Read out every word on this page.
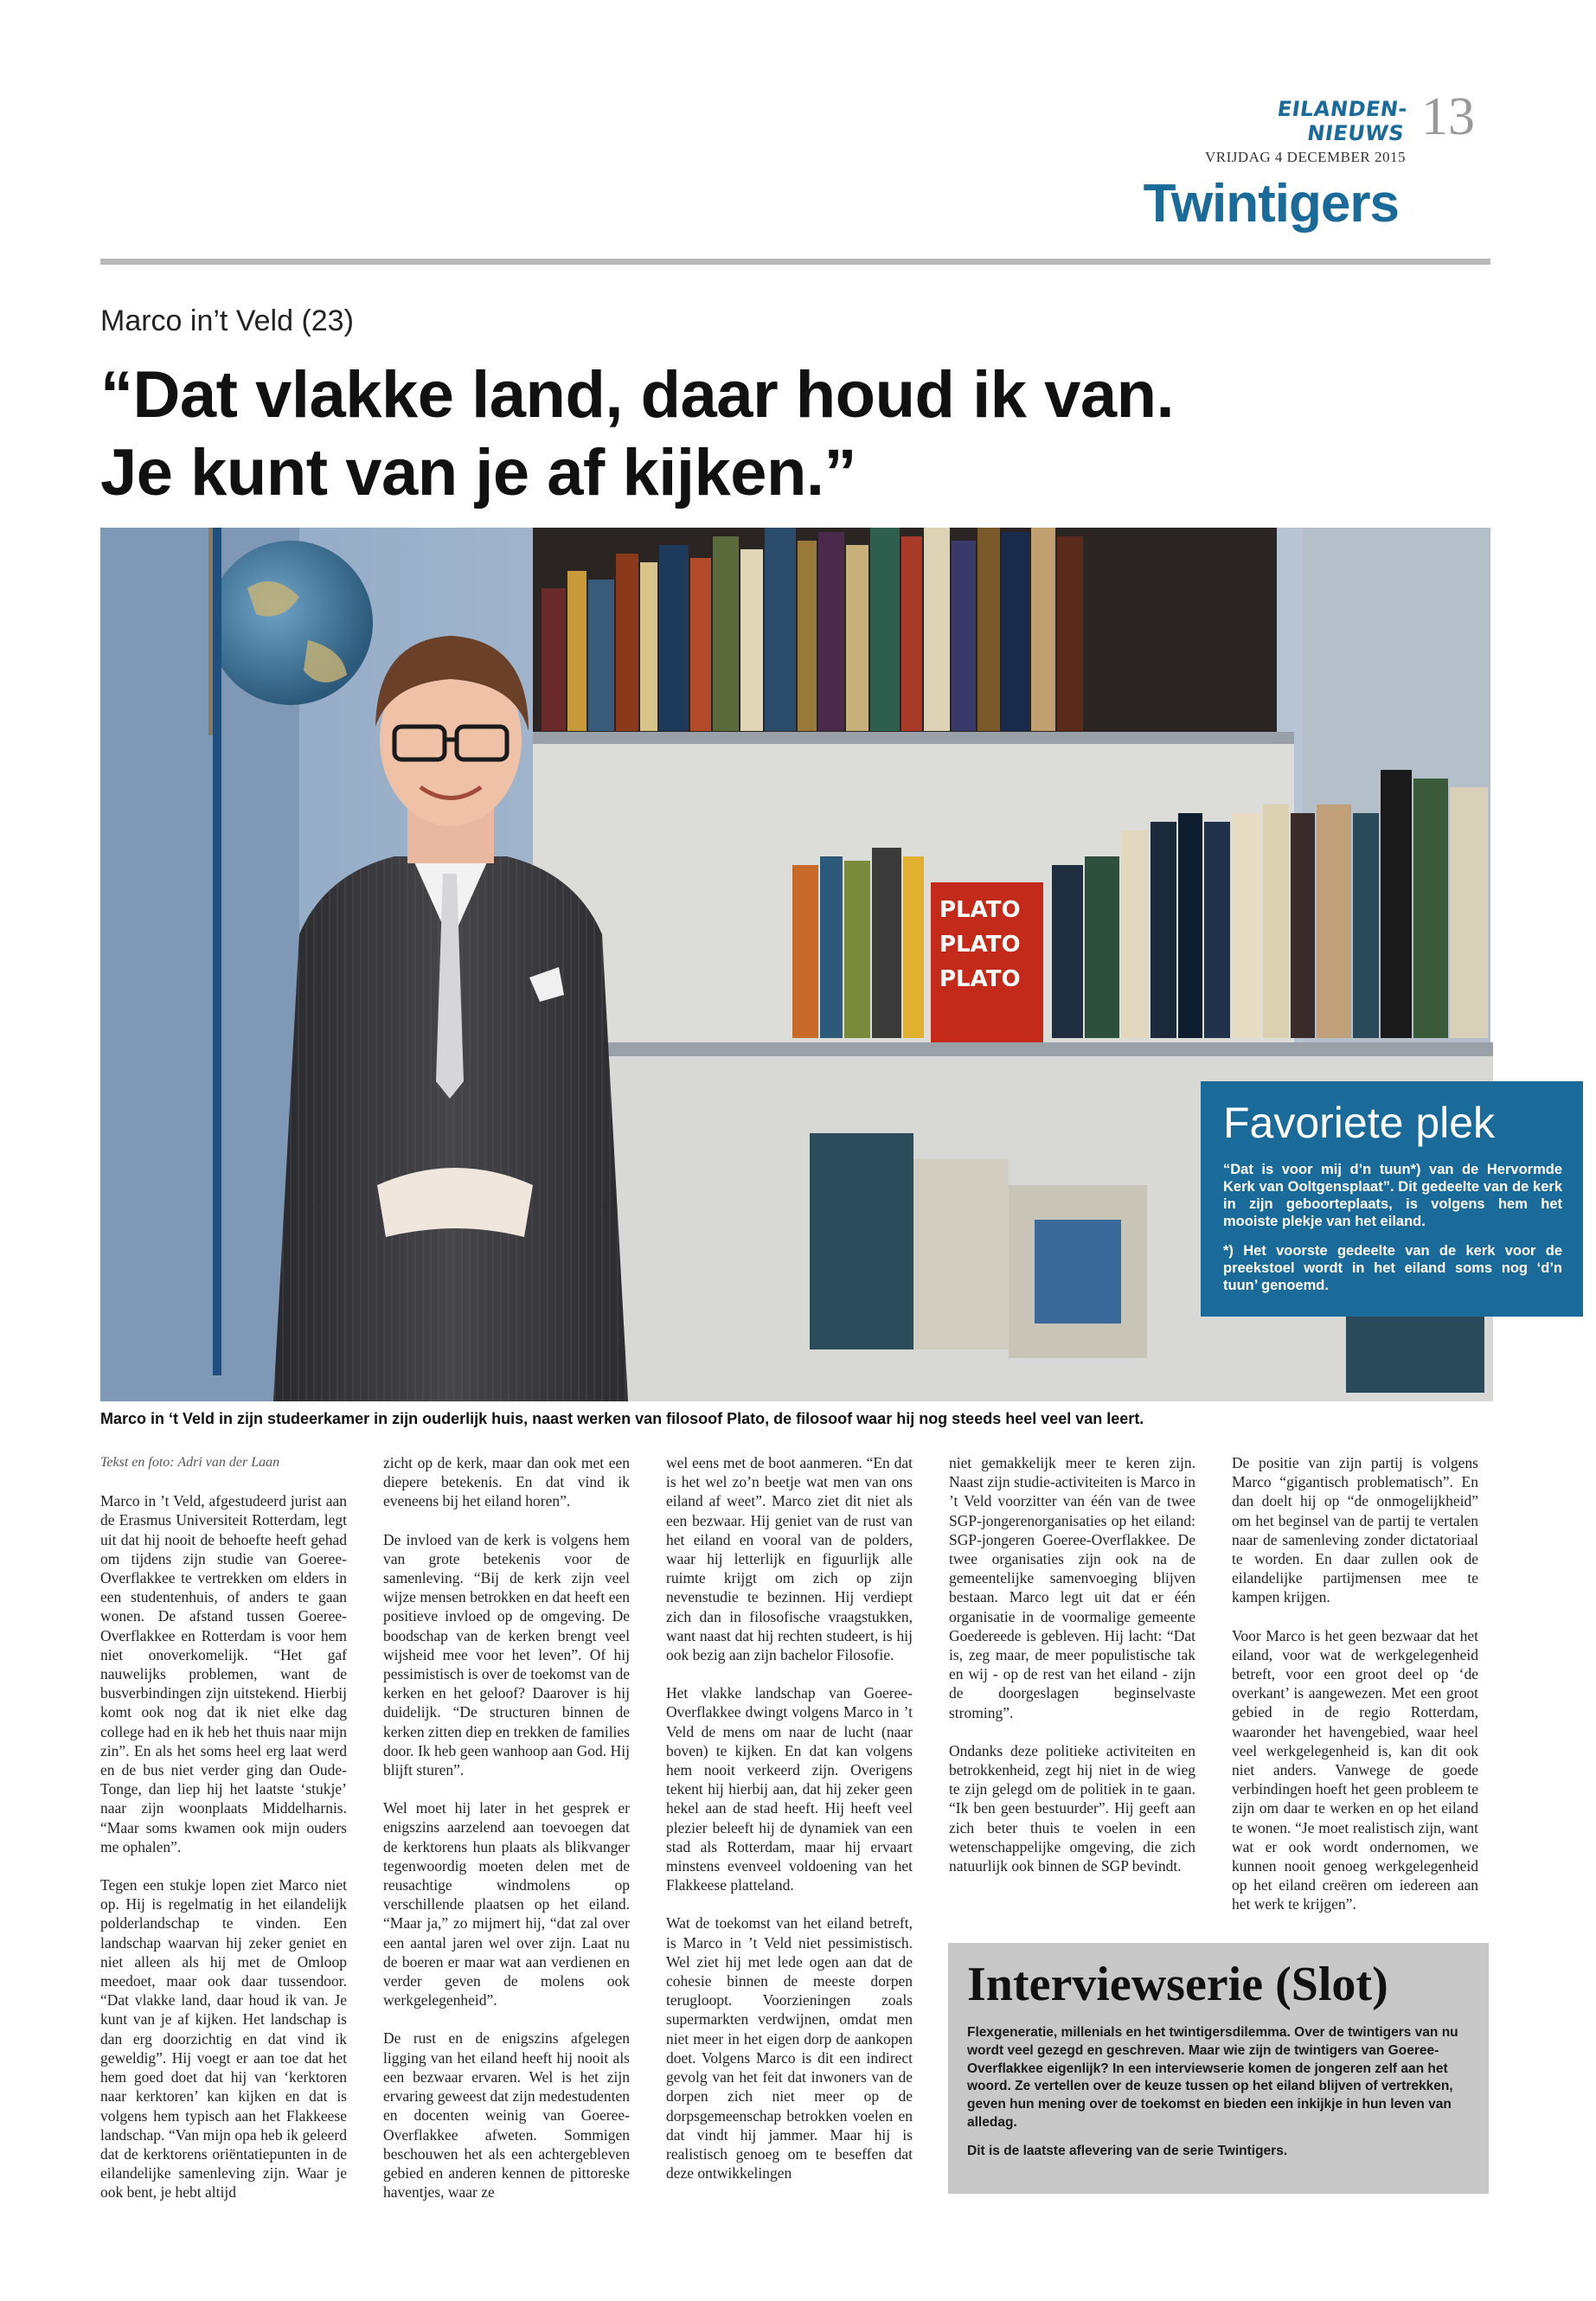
EILANDEN-NIEUWS
VRIJDAG 4 DECEMBER 2015
13
Twintigers
Marco in’t Veld (23)
“Dat vlakke land, daar houd ik van.
Je kunt van je af kijken.”
PLATO
PLATO
PLATO
Favoriete plek

“Dat is voor mij d’n tuun*) van de Hervormde Kerk van Ooltgensplaat”. Dit gedeelte van de kerk in zijn geboorteplaats, is volgens hem het mooiste plekje van het eiland.

*) Het voorste gedeelte van de kerk voor de preekstoel wordt in het eiland soms nog ‘d’n tuun’ genoemd.

Marco in ‘t Veld in zijn studeerkamer in zijn ouderlijk huis, naast werken van filosoof Plato, de filosoof waar hij nog steeds heel veel van leert.

Tekst en foto: Adri van der Laan

Marco in ’t Veld, afgestudeerd jurist aan de Erasmus Universiteit Rotterdam, legt uit dat hij nooit de behoefte heeft gehad om tijdens zijn studie van Goeree-Overflakkee te vertrekken om elders in een studentenhuis, of anders te gaan wonen. De afstand tussen Goeree-Overflakkee en Rotterdam is voor hem niet onoverkomelijk. “Het gaf nauwelijks problemen, want de busverbindingen zijn uitstekend. Hierbij komt ook nog dat ik niet elke dag college had en ik heb het thuis naar mijn zin”. En als het soms heel erg laat werd en de bus niet verder ging dan Oude-Tonge, dan liep hij het laatste ‘stukje’ naar zijn woonplaats Middelharnis. “Maar soms kwamen ook mijn ouders me ophalen”.

Tegen een stukje lopen ziet Marco niet op. Hij is regelmatig in het eilandelijk polderlandschap te vinden. Een landschap waarvan hij zeker geniet en niet alleen als hij met de Omloop meedoet, maar ook daar tussendoor. “Dat vlakke land, daar houd ik van. Je kunt van je af kijken. Het landschap is dan erg doorzichtig en dat vind ik geweldig”. Hij voegt er aan toe dat het hem goed doet dat hij van ‘kerktoren naar kerktoren’ kan kijken en dat is volgens hem typisch aan het Flakkeese landschap. “Van mijn opa heb ik geleerd dat de kerktorens oriëntatiepunten in de eilandelijke samenleving zijn. Waar je ook bent, je hebt altijd

zicht op de kerk, maar dan ook met een diepere betekenis. En dat vind ik eveneens bij het eiland horen”.

De invloed van de kerk is volgens hem van grote betekenis voor de samenleving. “Bij de kerk zijn veel wijze mensen betrokken en dat heeft een positieve invloed op de omgeving. De boodschap van de kerken brengt veel wijsheid mee voor het leven”. Of hij pessimistisch is over de toekomst van de kerken en het geloof? Daarover is hij duidelijk. “De structuren binnen de kerken zitten diep en trekken de families door. Ik heb geen wanhoop aan God. Hij blijft sturen”.

Wel moet hij later in het gesprek er enigszins aarzelend aan toevoegen dat de kerktorens hun plaats als blikvanger tegenwoordig moeten delen met de reusachtige windmolens op verschillende plaatsen op het eiland. “Maar ja,” zo mijmert hij, “dat zal over een aantal jaren wel over zijn. Laat nu de boeren er maar wat aan verdienen en verder geven de molens ook werkgelegenheid”.

De rust en de enigszins afgelegen ligging van het eiland heeft hij nooit als een bezwaar ervaren. Wel is het zijn ervaring geweest dat zijn medestudenten en docenten weinig van Goeree-Overflakkee afweten. Sommigen beschouwen het als een achtergebleven gebied en anderen kennen de pittoreske haventjes, waar ze

wel eens met de boot aanmeren. “En dat is het wel zo’n beetje wat men van ons eiland af weet”. Marco ziet dit niet als een bezwaar. Hij geniet van de rust van het eiland en vooral van de polders, waar hij letterlijk en figuurlijk alle ruimte krijgt om zich op zijn nevenstudie te bezinnen. Hij verdiept zich dan in filosofische vraagstukken, want naast dat hij rechten studeert, is hij ook bezig aan zijn bachelor Filosofie.

Het vlakke landschap van Goeree-Overflakkee dwingt volgens Marco in ’t Veld de mens om naar de lucht (naar boven) te kijken. En dat kan volgens hem nooit verkeerd zijn. Overigens tekent hij hierbij aan, dat hij zeker geen hekel aan de stad heeft. Hij heeft veel plezier beleeft hij de dynamiek van een stad als Rotterdam, maar hij ervaart minstens evenveel voldoening van het Flakkeese platteland.

Wat de toekomst van het eiland betreft, is Marco in ’t Veld niet pessimistisch. Wel ziet hij met lede ogen aan dat de cohesie binnen de meeste dorpen terugloopt. Voorzieningen zoals supermarkten verdwijnen, omdat men niet meer in het eigen dorp de aankopen doet. Volgens Marco is dit een indirect gevolg van het feit dat inwoners van de dorpen zich niet meer op de dorpsgemeenschap betrokken voelen en dat vindt hij jammer. Maar hij is realistisch genoeg om te beseffen dat deze ontwikkelingen

niet gemakkelijk meer te keren zijn. Naast zijn studie-activiteiten is Marco in ’t Veld voorzitter van één van de twee SGP-jongerenorganisaties op het eiland: SGP-jongeren Goeree-Overflakkee. De twee organisaties zijn ook na de gemeentelijke samenvoeging blijven bestaan. Marco legt uit dat er één organisatie in de voormalige gemeente Goedereede is gebleven. Hij lacht: “Dat is, zeg maar, de meer populistische tak en wij - op de rest van het eiland - zijn de doorgeslagen beginselvaste stroming”.

Ondanks deze politieke activiteiten en betrokkenheid, zegt hij niet in de wieg te zijn gelegd om de politiek in te gaan. “Ik ben geen bestuurder”. Hij geeft aan zich beter thuis te voelen in een wetenschappelijke omgeving, die zich natuurlijk ook binnen de SGP bevindt.

De positie van zijn partij is volgens Marco “gigantisch problematisch”. En dan doelt hij op “de onmogelijkheid” om het beginsel van de partij te vertalen naar de samenleving zonder dictatoriaal te worden. En daar zullen ook de eilandelijke partijmensen mee te kampen krijgen.

Voor Marco is het geen bezwaar dat het eiland, voor wat de werkgelegenheid betreft, voor een groot deel op ‘de overkant’ is aangewezen. Met een groot gebied in de regio Rotterdam, waaronder het havengebied, waar heel veel werkgelegenheid is, kan dit ook niet anders. Vanwege de goede verbindingen hoeft het geen probleem te zijn om daar te werken en op het eiland te wonen. “Je moet realistisch zijn, want wat er ook wordt ondernomen, we kunnen nooit genoeg werkgelegenheid op het eiland creëren om iedereen aan het werk te krijgen”.

Interviewserie (Slot)

Flexgeneratie, millenials en het twintigersdilemma. Over de twintigers van nu wordt veel gezegd en geschreven. Maar wie zijn de twintigers van Goeree-Overflakkee eigenlijk? In een interviewserie komen de jongeren zelf aan het woord. Ze vertellen over de keuze tussen op het eiland blijven of vertrekken, geven hun mening over de toekomst en bieden een inkijkje in hun leven van alledag.

Dit is de laatste aflevering van de serie Twintigers.
